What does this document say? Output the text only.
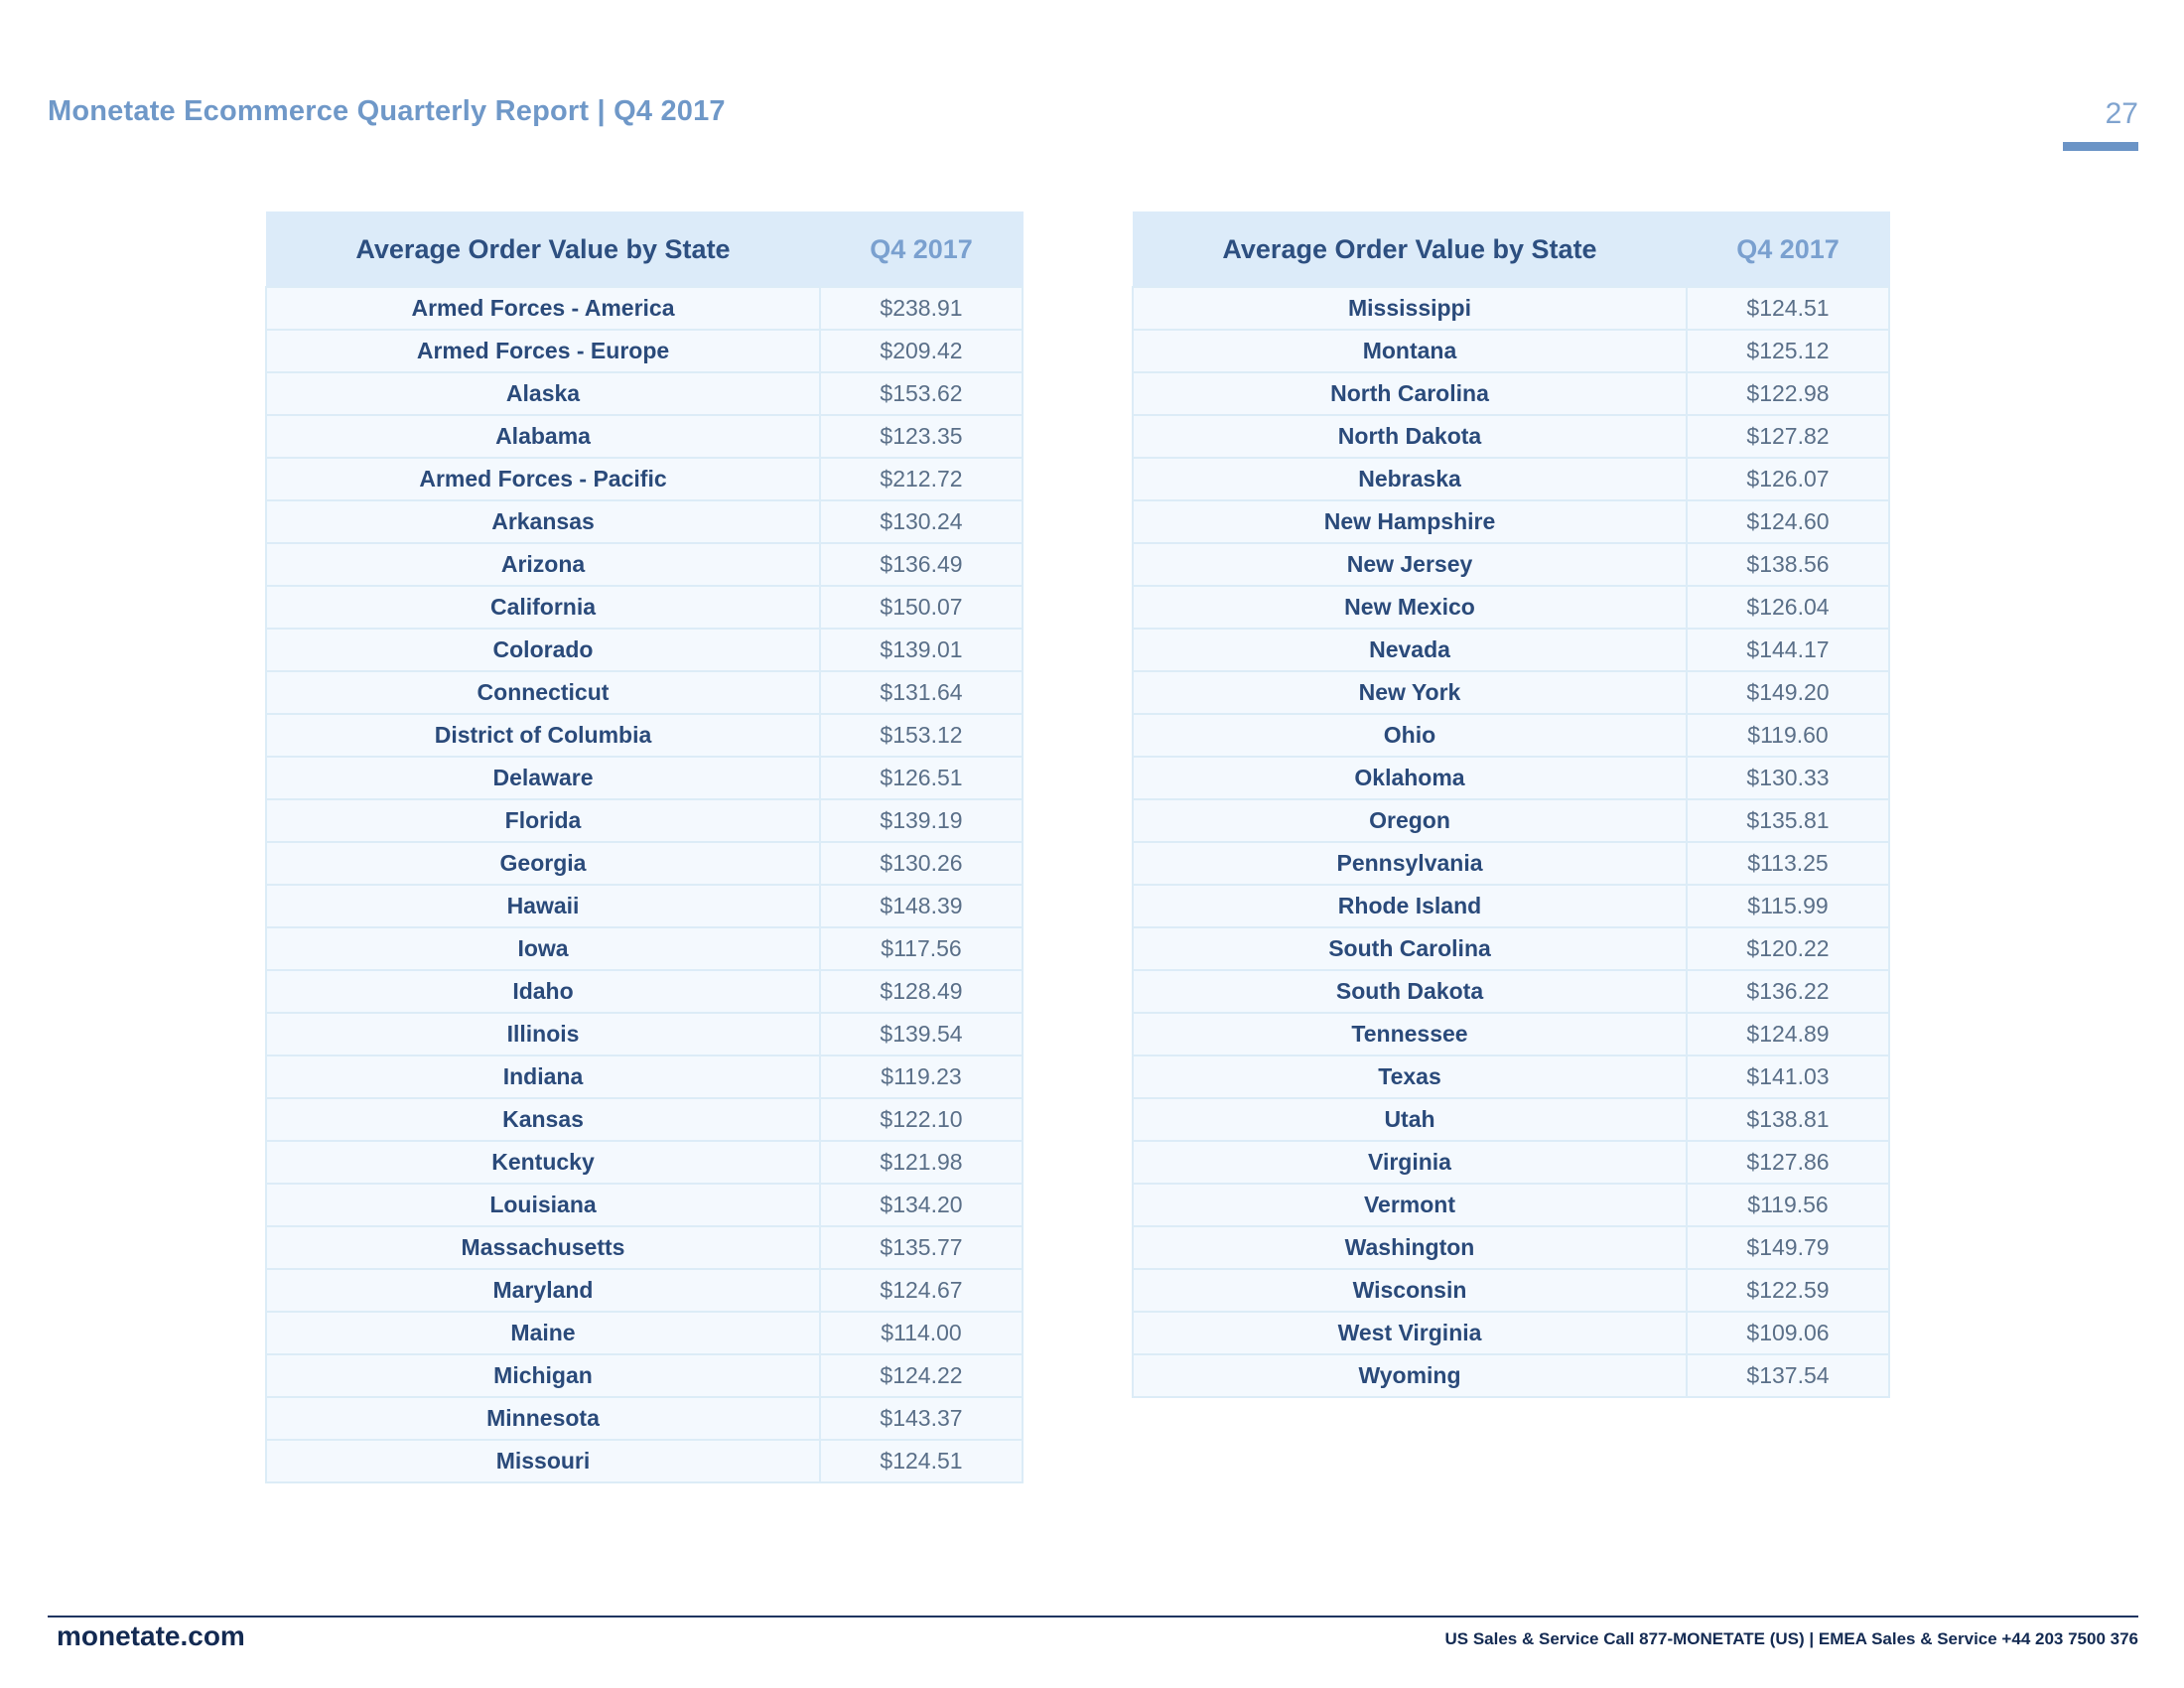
Monetate Ecommerce Quarterly Report | Q4 2017	27
Average Order Value by State	Q4 2017
Armed Forces - America	$238.91
Armed Forces - Europe	$209.42
Alaska	$153.62
Alabama	$123.35
Armed Forces - Pacific	$212.72
Arkansas	$130.24
Arizona	$136.49
California	$150.07
Colorado	$139.01
Connecticut	$131.64
District of Columbia	$153.12
Delaware	$126.51
Florida	$139.19
Georgia	$130.26
Hawaii	$148.39
Iowa	$117.56
Idaho	$128.49
Illinois	$139.54
Indiana	$119.23
Kansas	$122.10
Kentucky	$121.98
Louisiana	$134.20
Massachusetts	$135.77
Maryland	$124.67
Maine	$114.00
Michigan	$124.22
Minnesota	$143.37
Missouri	$124.51
Average Order Value by State	Q4 2017
Mississippi	$124.51
Montana	$125.12
North Carolina	$122.98
North Dakota	$127.82
Nebraska	$126.07
New Hampshire	$124.60
New Jersey	$138.56
New Mexico	$126.04
Nevada	$144.17
New York	$149.20
Ohio	$119.60
Oklahoma	$130.33
Oregon	$135.81
Pennsylvania	$113.25
Rhode Island	$115.99
South Carolina	$120.22
South Dakota	$136.22
Tennessee	$124.89
Texas	$141.03
Utah	$138.81
Virginia	$127.86
Vermont	$119.56
Washington	$149.79
Wisconsin	$122.59
West Virginia	$109.06
Wyoming	$137.54
monetate.com	US Sales & Service Call 877-MONETATE (US) | EMEA Sales & Service +44 203 7500 376
